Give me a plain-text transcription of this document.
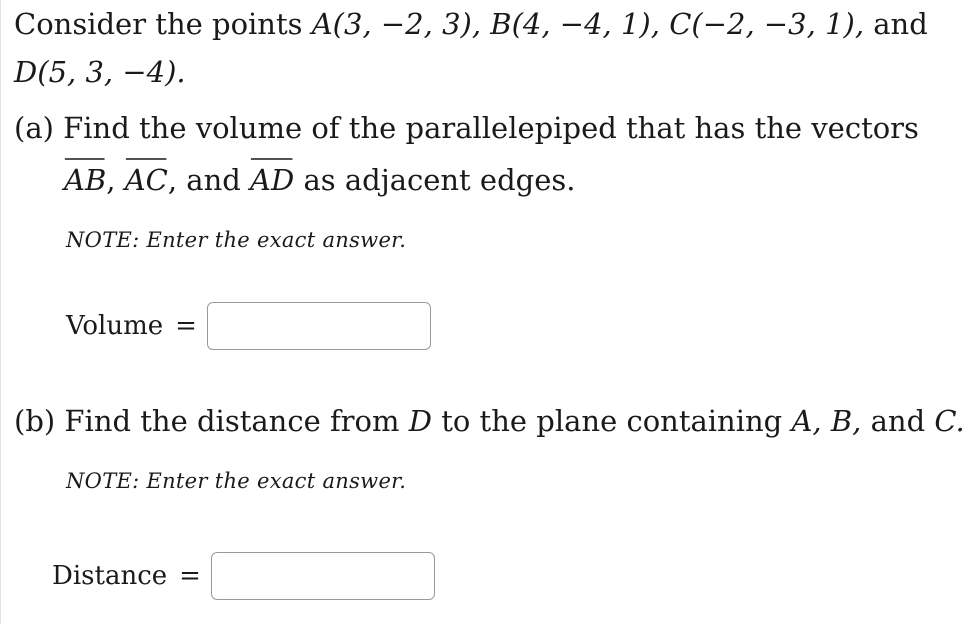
Consider the points A(3, −2, 3), B(4, −4, 1), C(−2, −3, 1), and
D(5, 3, −4).
(a) Find the volume of the parallelepiped that has the vectors
AB, AC, and AD as adjacent edges.
NOTE: Enter the exact answer.
Volume =
(b) Find the distance from D to the plane containing A, B, and C.
NOTE: Enter the exact answer.
Distance =
